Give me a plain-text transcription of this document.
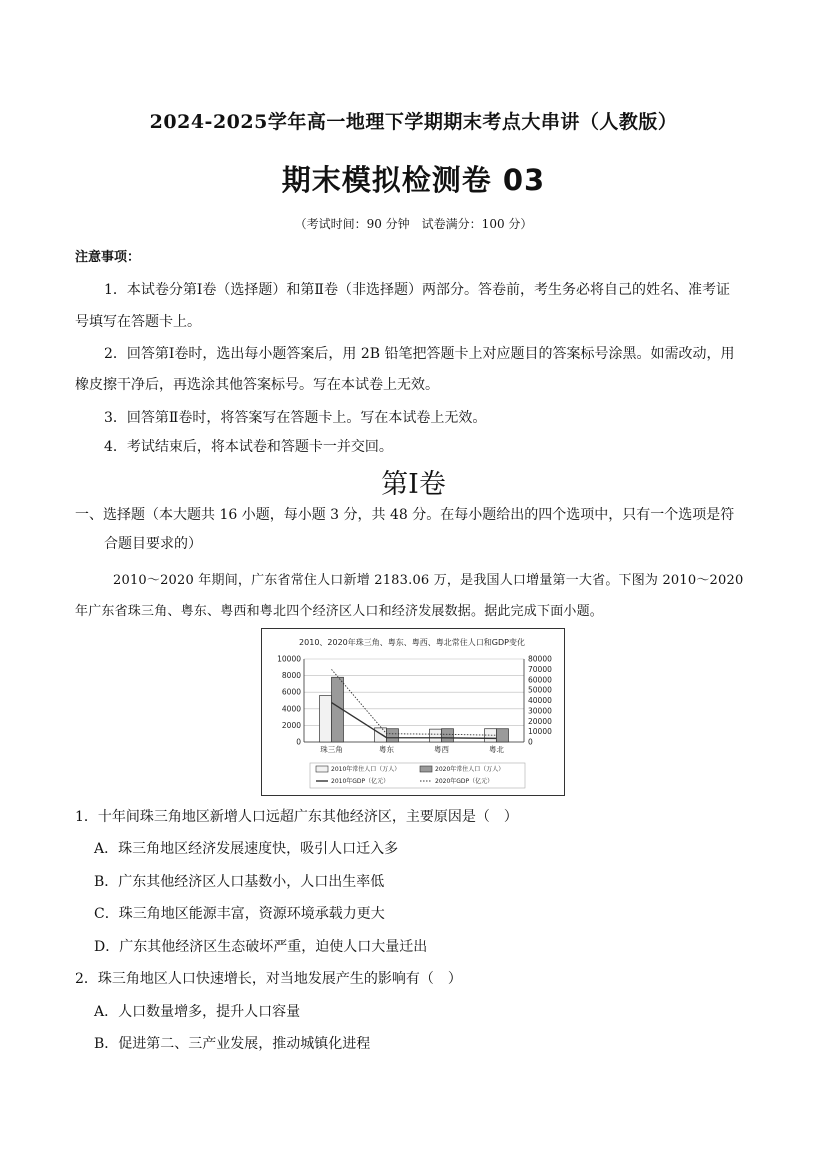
2024-2025学年高一地理下学期期末考点大串讲（人教版）
期末模拟检测卷 03
（考试时间：90 分钟　试卷满分：100 分）
注意事项：
1．本试卷分第Ⅰ卷（选择题）和第Ⅱ卷（非选择题）两部分。答卷前，考生务必将自己的姓名、准考证
号填写在答题卡上。
2．回答第Ⅰ卷时，选出每小题答案后，用 2B 铅笔把答题卡上对应题目的答案标号涂黑。如需改动，用
橡皮擦干净后，再选涂其他答案标号。写在本试卷上无效。
3．回答第Ⅱ卷时，将答案写在答题卡上。写在本试卷上无效。
4．考试结束后，将本试卷和答题卡一并交回。
第Ⅰ卷
一、选择题（本大题共 16 小题，每小题 3 分，共 48 分。在每小题给出的四个选项中，只有一个选项是符
合题目要求的）
2010～2020 年期间，广东省常住人口新增 2183.06 万，是我国人口增量第一大省。下图为 2010～2020
年广东省珠三角、粤东、粤西和粤北四个经济区人口和经济发展数据。据此完成下面小题。
2010、2020年珠三角、粤东、粤西、粤北常住人口和GDP变化
10000
8000
6000
4000
2000
0
80000
70000
60000
50000
40000
30000
20000
10000
0
珠三角	粤东	粤西	粤北
2010年常住人口（万人）	2020年常住人口（万人）
2010年GDP（亿元）	2020年GDP（亿元）
1．十年间珠三角地区新增人口远超广东其他经济区，主要原因是（　）
A．珠三角地区经济发展速度快，吸引人口迁入多
B．广东其他经济区人口基数小，人口出生率低
C．珠三角地区能源丰富，资源环境承载力更大
D．广东其他经济区生态破坏严重，迫使人口大量迁出
2．珠三角地区人口快速增长，对当地发展产生的影响有（　）
A．人口数量增多，提升人口容量
B．促进第二、三产业发展，推动城镇化进程
